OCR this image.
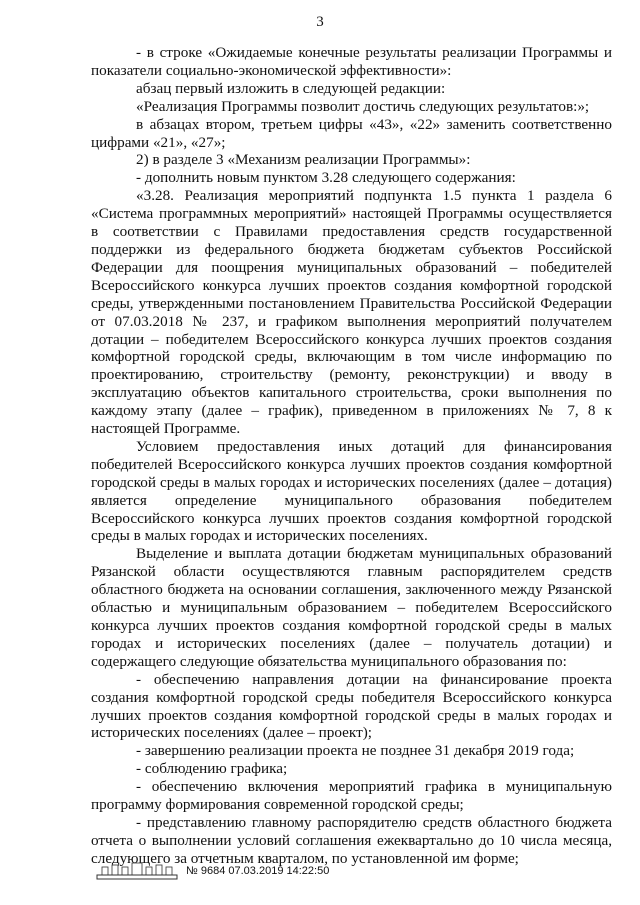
3

- в строке «Ожидаемые конечные результаты реализации Программы и показатели социально-экономической эффективности»:

абзац первый изложить в следующей редакции:

«Реализация Программы позволит достичь следующих результатов:»;

в абзацах втором, третьем цифры «43», «22» заменить соответственно цифрами «21», «27»;

2) в разделе 3 «Механизм реализации Программы»:

- дополнить новым пунктом 3.28 следующего содержания:

«3.28. Реализация мероприятий подпункта 1.5 пункта 1 раздела 6 «Система программных мероприятий» настоящей Программы осуществляется в соответствии с Правилами предоставления средств государственной поддержки из федерального бюджета бюджетам субъектов Российской Федерации для поощрения муниципальных образований – победителей Всероссийского конкурса лучших проектов создания комфортной городской среды, утвержденными постановлением Правительства Российской Федерации от 07.03.2018 № 237, и графиком выполнения мероприятий получателем дотации – победителем Всероссийского конкурса лучших проектов создания комфортной городской среды, включающим в том числе информацию по проектированию, строительству (ремонту, реконструкции) и вводу в эксплуатацию объектов капитального строительства, сроки выполнения по каждому этапу (далее – график), приведенном в приложениях № 7, 8 к настоящей Программе.

Условием предоставления иных дотаций для финансирования победителей Всероссийского конкурса лучших проектов создания комфортной городской среды в малых городах и исторических поселениях (далее – дотация) является определение муниципального образования победителем Всероссийского конкурса лучших проектов создания комфортной городской среды в малых городах и исторических поселениях.

Выделение и выплата дотации бюджетам муниципальных образований Рязанской области осуществляются главным распорядителем средств областного бюджета на основании соглашения, заключенного между Рязанской областью и муниципальным образованием – победителем Всероссийского конкурса лучших проектов создания комфортной городской среды в малых городах и исторических поселениях (далее – получатель дотации) и содержащего следующие обязательства муниципального образования по:

- обеспечению направления дотации на финансирование проекта создания комфортной городской среды победителя Всероссийского конкурса лучших проектов создания комфортной городской среды в малых городах и исторических поселениях (далее – проект);

- завершению реализации проекта не позднее 31 декабря 2019 года;

- соблюдению графика;

- обеспечению включения мероприятий графика в муниципальную программу формирования современной городской среды;

- представлению главному распорядителю средств областного бюджета отчета о выполнении условий соглашения ежеквартально до 10 числа месяца, следующего за отчетным кварталом, по установленной им форме;

№ 9684 07.03.2019 14:22:50
